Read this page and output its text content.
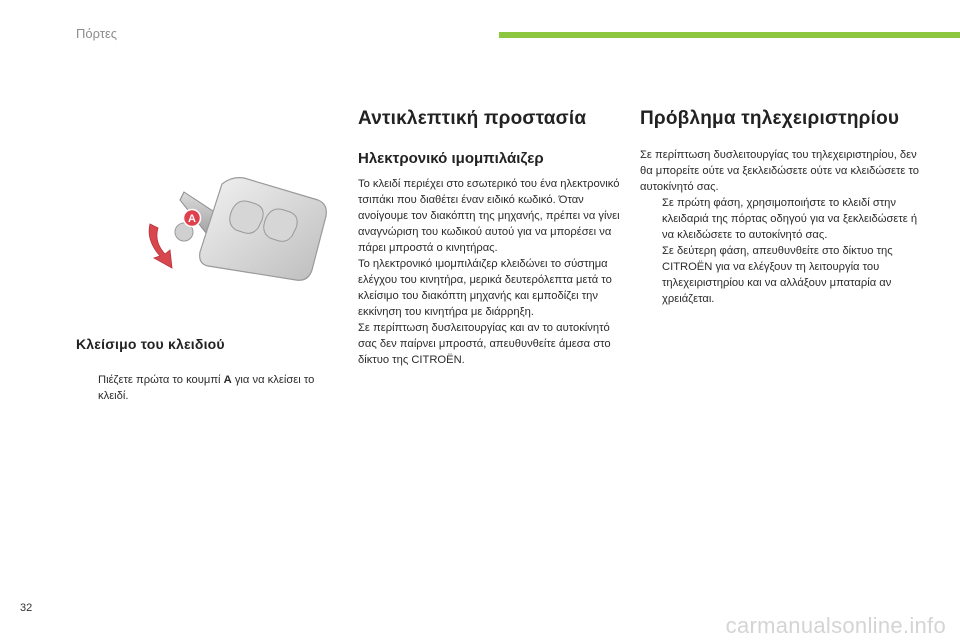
Πόρτες
A
Κλείσιμο του κλειδιού
Πιέζετε πρώτα το κουμπί A για να κλείσει το κλειδί.
Αντικλεπτική προστασία
Ηλεκτρονικό ιμομπιλάιζερ

Το κλειδί περιέχει στο εσωτερικό του ένα ηλεκτρονικό τσιπάκι που διαθέτει έναν ειδικό κωδικό. Όταν ανοίγουμε τον διακόπτη της μηχανής, πρέπει να γίνει αναγνώριση του κωδικού αυτού για να μπορέσει να πάρει μπροστά ο κινητήρας.

Το ηλεκτρονικό ιμομπιλάιζερ κλειδώνει το σύστημα ελέγχου του κινητήρα, μερικά δευτερόλεπτα μετά το κλείσιμο του διακόπτη μηχανής και εμποδίζει την εκκίνηση του κινητήρα με διάρρηξη.

Σε περίπτωση δυσλειτουργίας και αν το αυτοκίνητό σας δεν παίρνει μπροστά, απευθυνθείτε άμεσα στο δίκτυο της CITROËN.

Πρόβλημα τηλεχειριστηρίου

Σε περίπτωση δυσλειτουργίας του τηλεχειριστηρίου, δεν θα μπορείτε ούτε να ξεκλειδώσετε ούτε να κλειδώσετε το αυτοκίνητό σας.

Σε πρώτη φάση, χρησιμοποιήστε το κλειδί στην κλειδαριά της πόρτας οδηγού για να ξεκλειδώσετε ή να κλειδώσετε το αυτοκίνητό σας.
Σε δεύτερη φάση, απευθυνθείτε στο δίκτυο της CITROËN για να ελέγξουν τη λειτουργία του τηλεχειριστηρίου και να αλλάξουν μπαταρία αν χρειάζεται.
32
carmanualsonline.info
